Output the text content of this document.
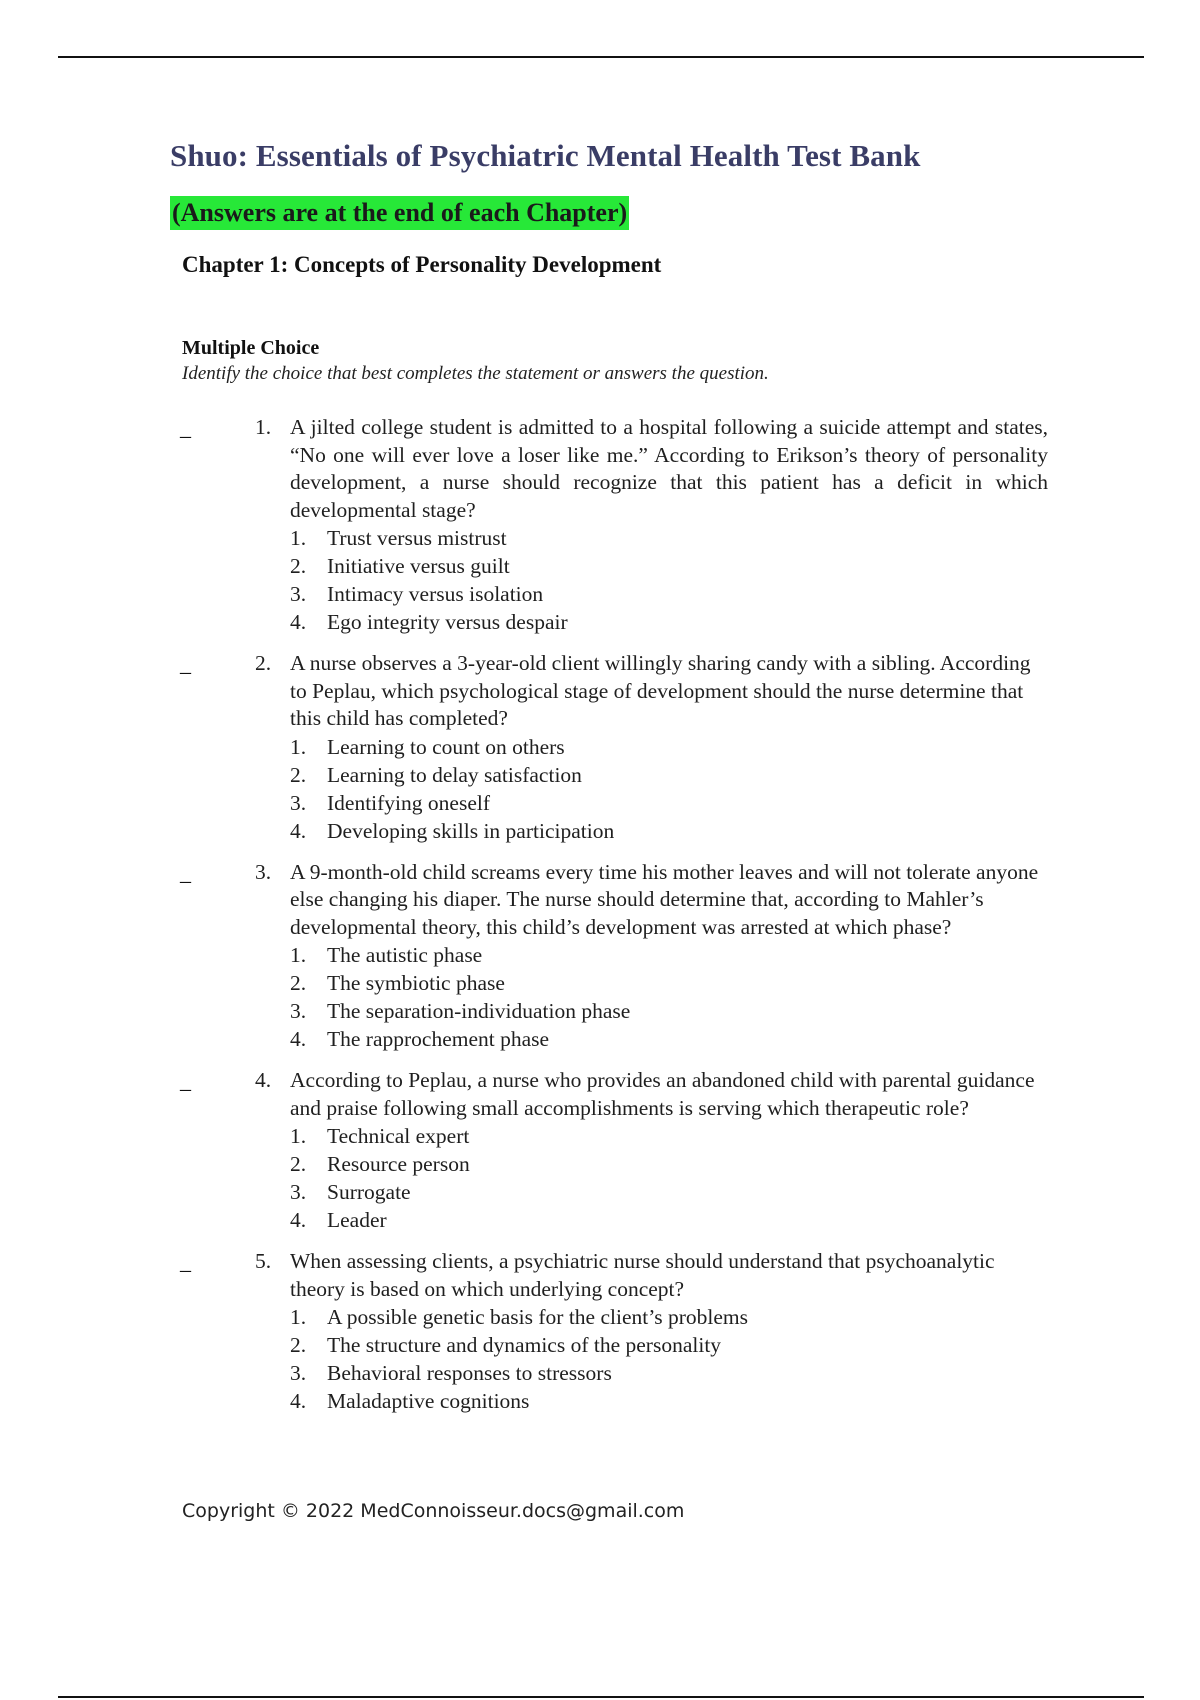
Shuo: Essentials of Psychiatric Mental Health Test Bank

(Answers are at the end of each Chapter)

Chapter 1: Concepts of Personality Development

Multiple Choice

Identify the choice that best completes the statement or answers the question.

_	1. A jilted college student is admitted to a hospital following a suicide attempt and states, “No one will ever love a loser like me.” According to Erikson’s theory of personality development, a nurse should recognize that this patient has a deficit in which developmental stage?

1. Trust versus mistrust
2. Initiative versus guilt
3. Intimacy versus isolation
4. Ego integrity versus despair
_	2. A nurse observes a 3-year-old client willingly sharing candy with a sibling. According to Peplau, which psychological stage of development should the nurse determine that this child has completed?

1. Learning to count on others
2. Learning to delay satisfaction
3. Identifying oneself
4. Developing skills in participation
_	3. A 9-month-old child screams every time his mother leaves and will not tolerate anyone else changing his diaper. The nurse should determine that, according to Mahler’s developmental theory, this child’s development was arrested at which phase?

1. The autistic phase
2. The symbiotic phase
3. The separation-individuation phase
4. The rapprochement phase
_	4. According to Peplau, a nurse who provides an abandoned child with parental guidance and praise following small accomplishments is serving which therapeutic role?

1. Technical expert
2. Resource person
3. Surrogate
4. Leader
_	5. When assessing clients, a psychiatric nurse should understand that psychoanalytic theory is based on which underlying concept?

1. A possible genetic basis for the client’s problems
2. The structure and dynamics of the personality
3. Behavioral responses to stressors
4. Maladaptive cognitions

Copyright © 2022 MedConnoisseur.docs@gmail.com
